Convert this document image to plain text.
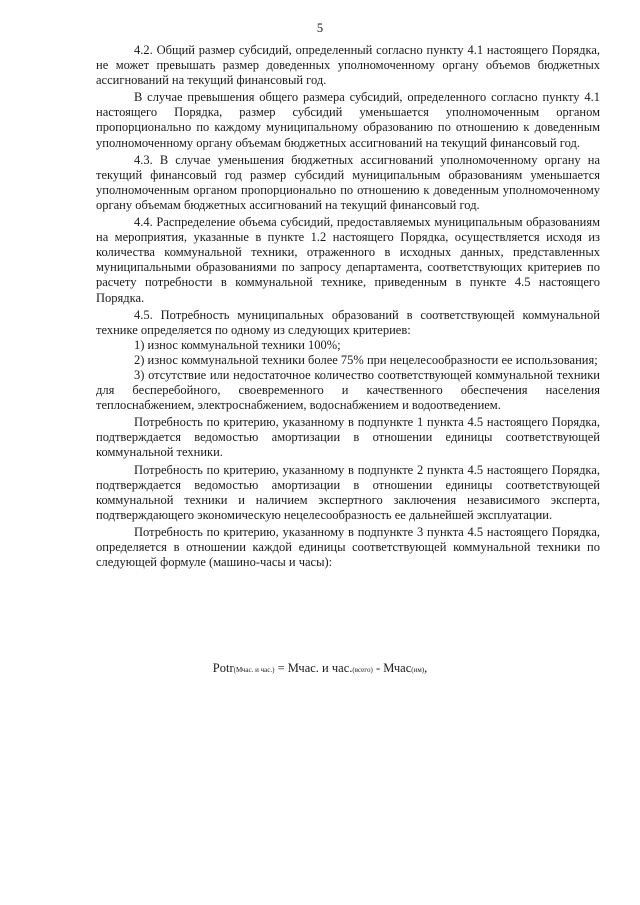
5

4.2. Общий размер субсидий, определенный согласно пункту 4.1 настоящего Порядка, не может превышать размер доведенных уполномоченному органу объемов бюджетных ассигнований на текущий финансовый год.

В случае превышения общего размера субсидий, определенного согласно пункту 4.1 настоящего Порядка, размер субсидий уменьшается уполномоченным органом пропорционально по каждому муниципальному образованию по отношению к доведенным уполномоченному органу объемам бюджетных ассигнований на текущий финансовый год.

4.3. В случае уменьшения бюджетных ассигнований уполномоченному органу на текущий финансовый год размер субсидий муниципальным образованиям уменьшается уполномоченным органом пропорционально по отношению к доведенным уполномоченному органу объемам бюджетных ассигнований на текущий финансовый год.

4.4. Распределение объема субсидий, предоставляемых муниципальным образованиям на мероприятия, указанные в пункте 1.2 настоящего Порядка, осуществляется исходя из количества коммунальной техники, отраженного в исходных данных, представленных муниципальными образованиями по запросу департамента, соответствующих критериев по расчету потребности в коммунальной технике, приведенным в пункте 4.5 настоящего Порядка.

4.5. Потребность муниципальных образований в соответствующей коммунальной технике определяется по одному из следующих критериев:

1) износ коммунальной техники 100%;

2) износ коммунальной техники более 75% при нецелесообразности ее использования;

3) отсутствие или недостаточное количество соответствующей коммунальной техники для бесперебойного, своевременного и качественного обеспечения населения теплоснабжением, электроснабжением, водоснабжением и водоотведением.

Потребность по критерию, указанному в подпункте 1 пункта 4.5 настоящего Порядка, подтверждается ведомостью амортизации в отношении единицы соответствующей коммунальной техники.

Потребность по критерию, указанному в подпункте 2 пункта 4.5 настоящего Порядка, подтверждается ведомостью амортизации в отношении единицы соответствующей коммунальной техники и наличием экспертного заключения независимого эксперта, подтверждающего экономическую нецелесообразность ее дальнейшей эксплуатации.

Потребность по критерию, указанному в подпункте 3 пункта 4.5 настоящего Порядка, определяется в отношении каждой единицы соответствующей коммунальной техники по следующей формуле (машино-часы и часы):

Potr(Мчас. и час.) = Мчас. и час.(всего) - Мчас(им),
